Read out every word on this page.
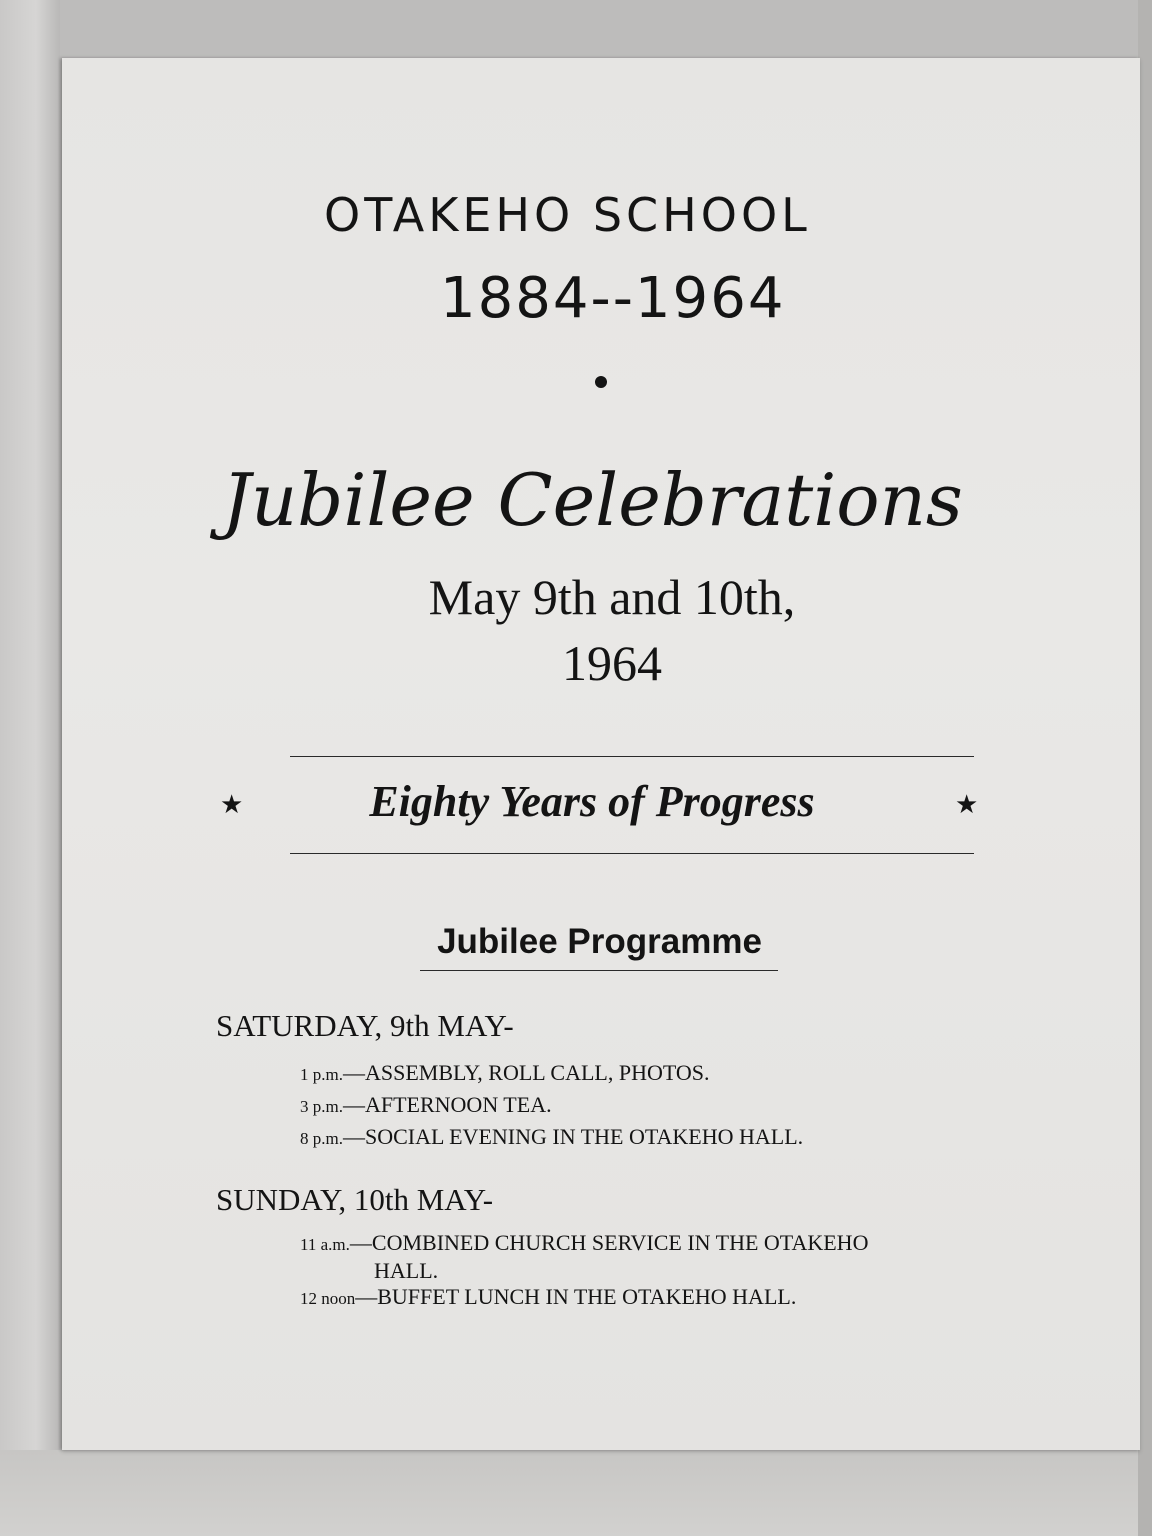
OTAKEHO SCHOOL
1884--1964
Jubilee Celebrations
May 9th and 10th,
1964
★	Eighty Years of Progress	★
Jubilee Programme
SATURDAY, 9th MAY-
1 p.m.—ASSEMBLY, ROLL CALL, PHOTOS.
3 p.m.—AFTERNOON TEA.
8 p.m.—SOCIAL EVENING IN THE OTAKEHO HALL.
SUNDAY, 10th MAY-
11 a.m.—COMBINED CHURCH SERVICE IN THE OTAKEHO
HALL.
12 noon—BUFFET LUNCH IN THE OTAKEHO HALL.
